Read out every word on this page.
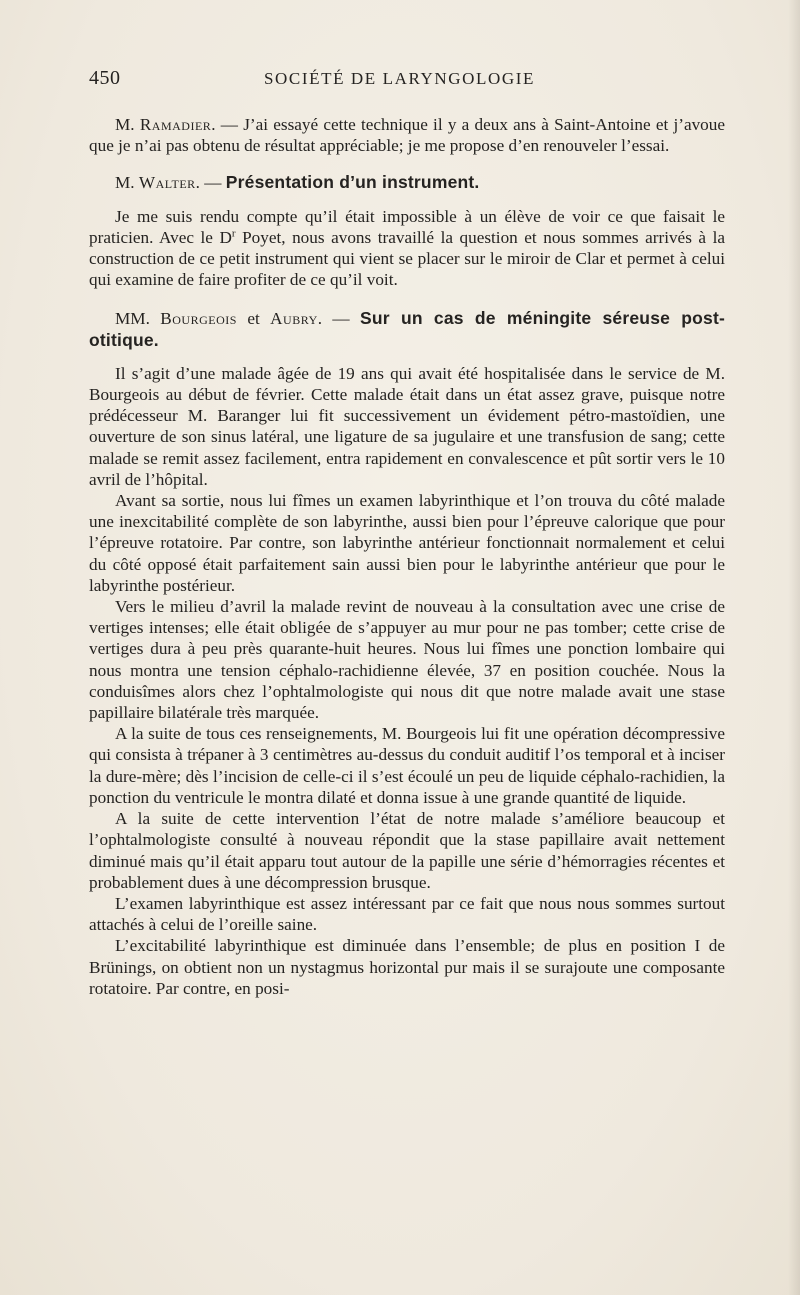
450	SOCIÉTÉ DE LARYNGOLOGIE

M. Ramadier. — J’ai essayé cette technique il y a deux ans à Saint-Antoine et j’avoue que je n’ai pas obtenu de résultat appréciable; je me propose d’en renouveler l’essai.

M. Walter. — Présentation d’un instrument.

Je me suis rendu compte qu’il était impossible à un élève de voir ce que faisait le praticien. Avec le $D^r$ Poyet, nous avons travaillé la question et nous sommes arrivés à la construction de ce petit instrument qui vient se placer sur le miroir de Clar et permet à celui qui examine de faire profiter de ce qu’il voit.

MM. Bourgeois et Aubry. — Sur un cas de méningite séreuse post-otitique.

Il s’agit d’une malade âgée de 19 ans qui avait été hospitalisée dans le service de M. Bourgeois au début de février. Cette malade était dans un état assez grave, puisque notre prédécesseur M. Baranger lui fit successivement un évidement pétro-mastoïdien, une ouverture de son sinus latéral, une ligature de sa jugulaire et une transfusion de sang; cette malade se remit assez facilement, entra rapidement en convalescence et pût sortir vers le 10 avril de l’hôpital.

Avant sa sortie, nous lui fîmes un examen labyrinthique et l’on trouva du côté malade une inexcitabilité complète de son labyrinthe, aussi bien pour l’épreuve calorique que pour l’épreuve rotatoire. Par contre, son labyrinthe antérieur fonctionnait normalement et celui du côté opposé était parfaitement sain aussi bien pour le labyrinthe antérieur que pour le labyrinthe postérieur.

Vers le milieu d’avril la malade revint de nouveau à la consultation avec une crise de vertiges intenses; elle était obligée de s’appuyer au mur pour ne pas tomber; cette crise de vertiges dura à peu près quarante-huit heures. Nous lui fîmes une ponction lombaire qui nous montra une tension céphalo-rachidienne élevée, 37 en position couchée. Nous la conduisîmes alors chez l’ophtalmologiste qui nous dit que notre malade avait une stase papillaire bilatérale très marquée.

A la suite de tous ces renseignements, M. Bourgeois lui fit une opération décompressive qui consista à trépaner à 3 centimètres au-dessus du conduit auditif l’os temporal et à inciser la dure-mère; dès l’incision de celle-ci il s’est écoulé un peu de liquide céphalo-rachidien, la ponction du ventricule le montra dilaté et donna issue à une grande quantité de liquide.

A la suite de cette intervention l’état de notre malade s’améliore beaucoup et l’ophtalmologiste consulté à nouveau répondit que la stase papillaire avait nettement diminué mais qu’il était apparu tout autour de la papille une série d’hémorragies récentes et probablement dues à une décompression brusque.

L’examen labyrinthique est assez intéressant par ce fait que nous nous sommes surtout attachés à celui de l’oreille saine.

L’excitabilité labyrinthique est diminuée dans l’ensemble; de plus en position I de Brünings, on obtient non un nystagmus horizontal pur mais il se surajoute une composante rotatoire. Par contre, en posi-
